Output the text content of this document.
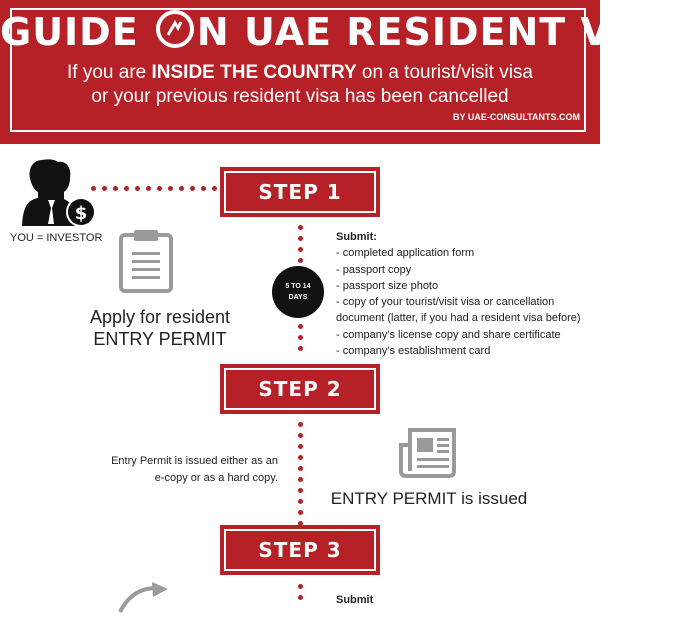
GUIDE N UAE RESIDENT VISA
If you are INSIDE THE COUNTRY on a tourist/visit visa
or your previous resident visa has been cancelled
BY UAE-CONSULTANTS.COM
$
YOU = INVESTOR
STEP 1
5 TO 14
DAYS
Apply for resident
ENTRY PERMIT
Submit:
- completed application form
- passport copy
- passport size photo
- copy of your tourist/visit visa or cancellation
document (latter, if you had a resident visa before)
- company's license copy and share certificate
- company's establishment card
STEP 2
Entry Permit is issued either as an
e-copy or as a hard copy.
ENTRY PERMIT is issued
STEP 3
Submit
